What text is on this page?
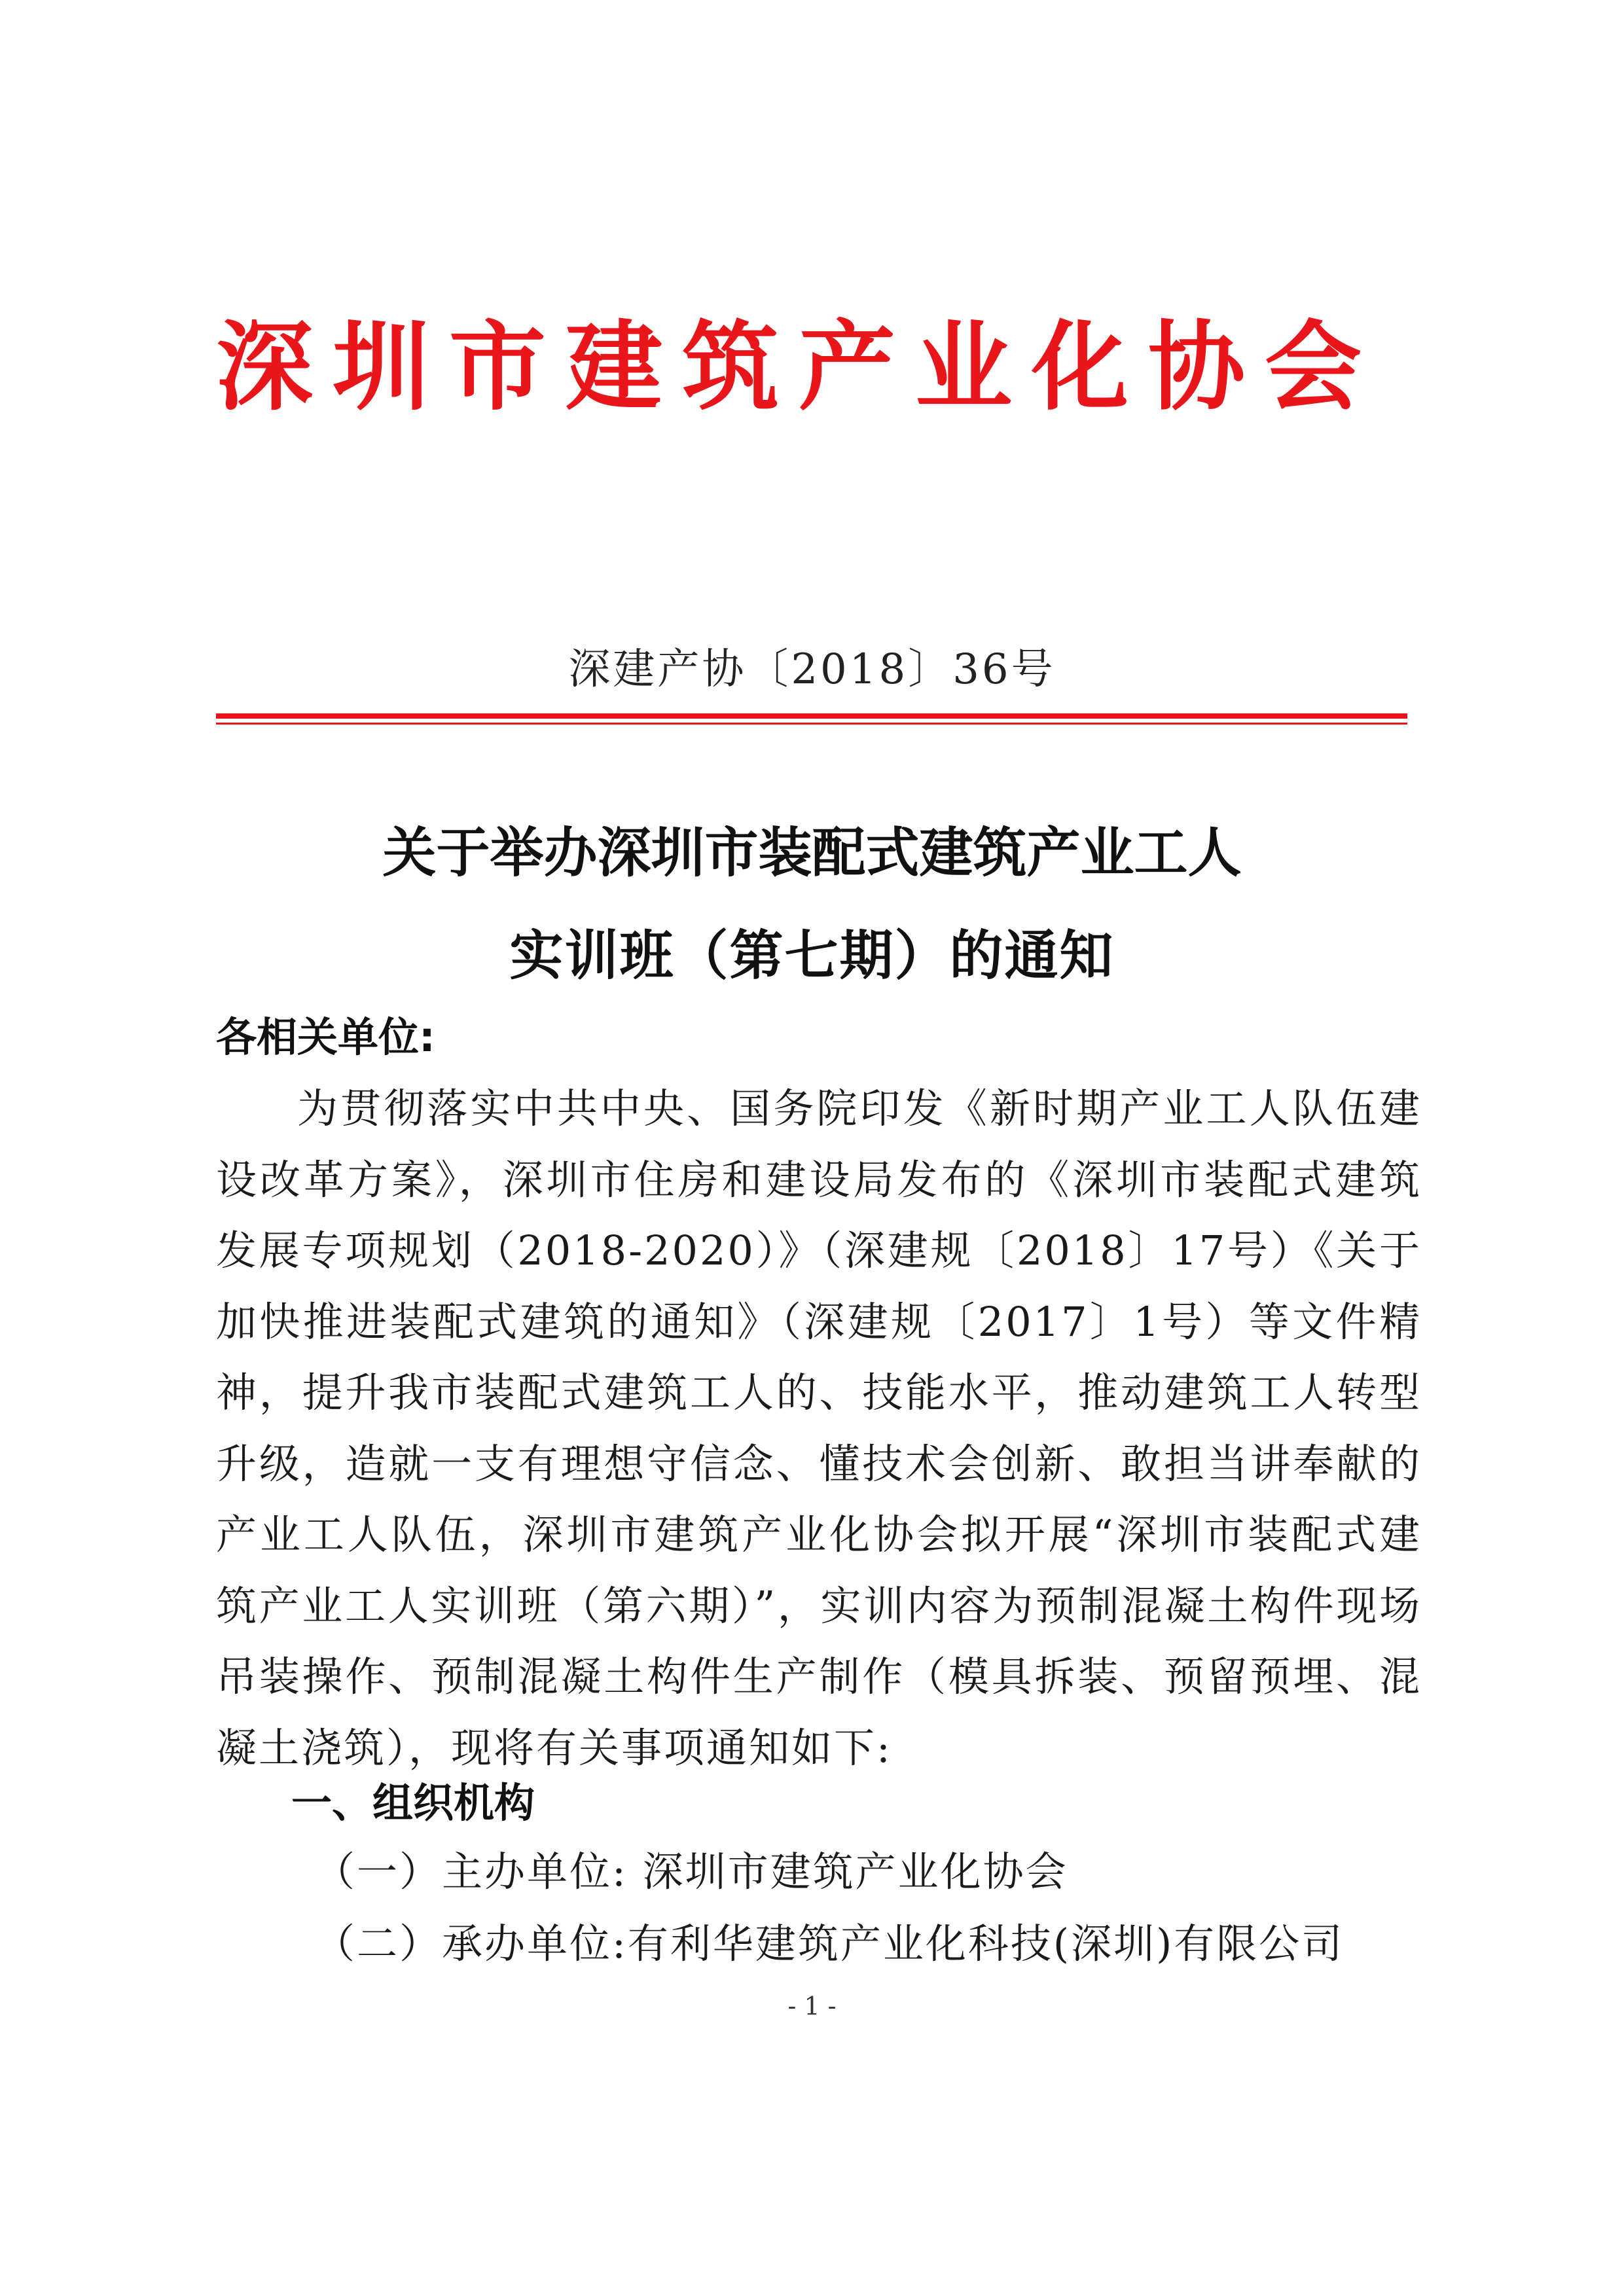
深圳市建筑产业化协会
深建产协〔2018〕36号
关于举办深圳市装配式建筑产业工人
实训班（第七期）的通知
各相关单位:

为贯彻落实中共中央、国务院印发《新时期产业工人队伍建设改革方案》，深圳市住房和建设局发布的《深圳市装配式建筑发展专项规划（2018-2020）》（深建规〔2018〕17号）《关于加快推进装配式建筑的通知》（深建规〔2017〕1号）等文件精神，提升我市装配式建筑工人的、技能水平，推动建筑工人转型升级，造就一支有理想守信念、懂技术会创新、敢担当讲奉献的产业工人队伍，深圳市建筑产业化协会拟开展“深圳市装配式建筑产业工人实训班（第六期）”，实训内容为预制混凝土构件现场吊装操作、预制混凝土构件生产制作（模具拆装、预留预埋、混凝土浇筑），现将有关事项通知如下:

一、组织机构
（一）主办单位: 深圳市建筑产业化协会
（二）承办单位:有利华建筑产业化科技(深圳)有限公司
- 1 -
